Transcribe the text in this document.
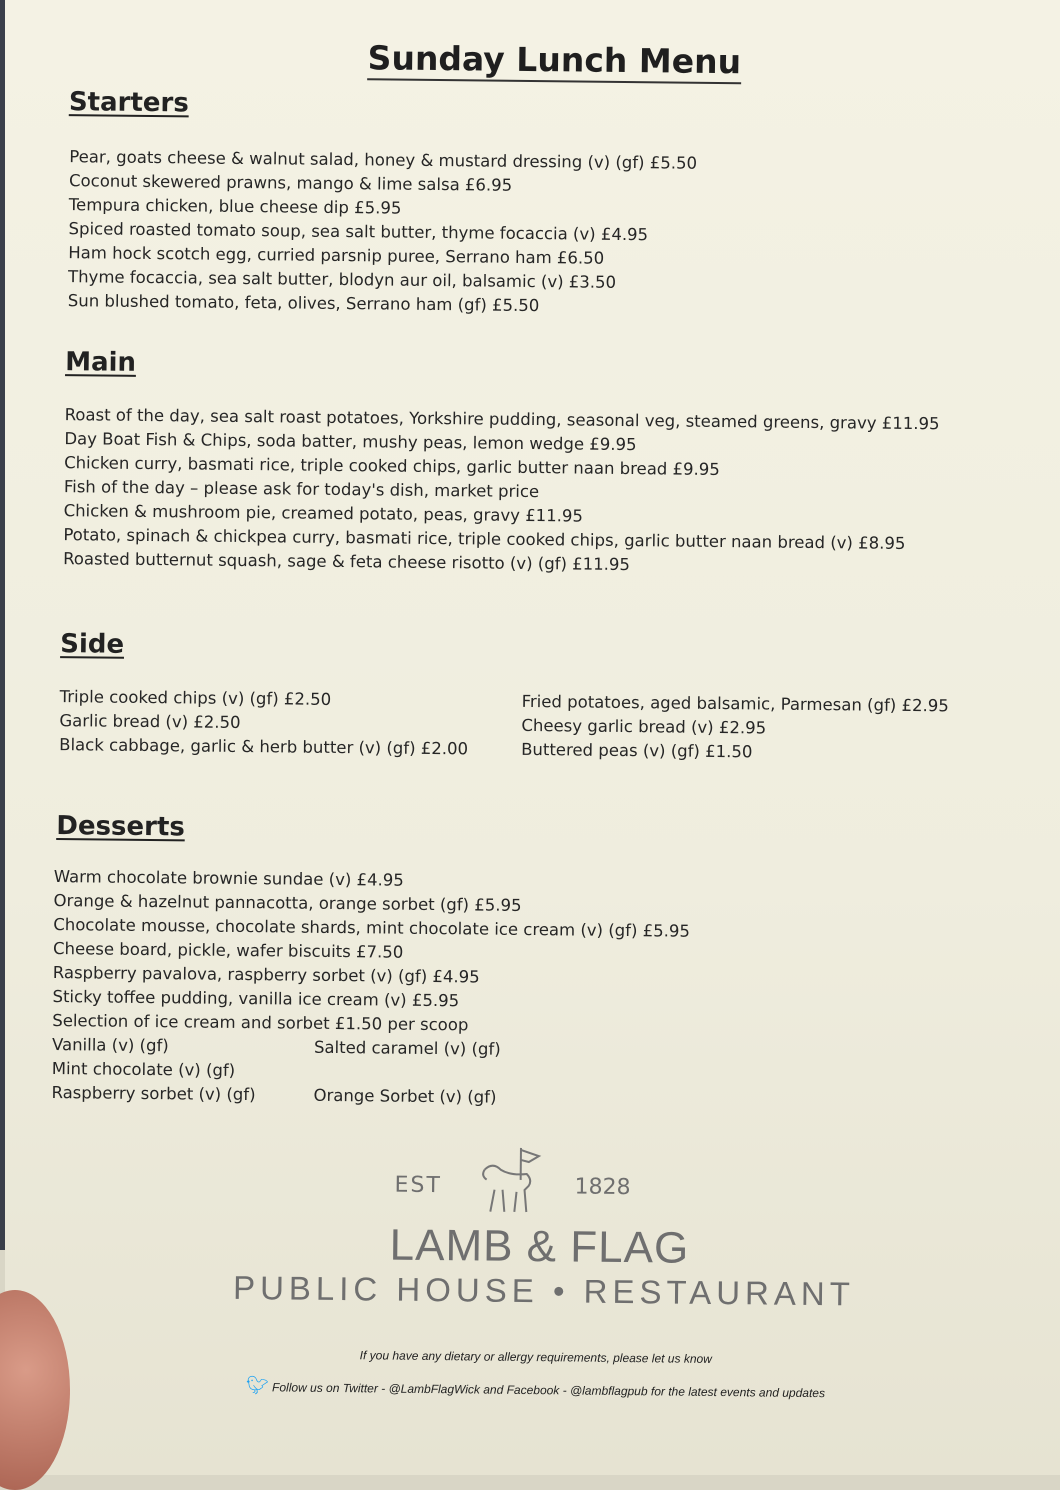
Sunday Lunch Menu
Starters
Pear, goats cheese & walnut salad, honey & mustard dressing (v) (gf) £5.50
Coconut skewered prawns, mango & lime salsa £6.95
Tempura chicken, blue cheese dip £5.95
Spiced roasted tomato soup, sea salt butter, thyme focaccia (v) £4.95
Ham hock scotch egg, curried parsnip puree, Serrano ham £6.50
Thyme focaccia, sea salt butter, blodyn aur oil, balsamic (v) £3.50
Sun blushed tomato, feta, olives, Serrano ham (gf) £5.50
Main
Roast of the day, sea salt roast potatoes, Yorkshire pudding, seasonal veg, steamed greens, gravy £11.95
Day Boat Fish & Chips, soda batter, mushy peas, lemon wedge £9.95
Chicken curry, basmati rice, triple cooked chips, garlic butter naan bread £9.95
Fish of the day – please ask for today's dish, market price
Chicken & mushroom pie, creamed potato, peas, gravy £11.95
Potato, spinach & chickpea curry, basmati rice, triple cooked chips, garlic butter naan bread (v) £8.95
Roasted butternut squash, sage & feta cheese risotto (v) (gf) £11.95
Side
Triple cooked chips (v) (gf) £2.50
Garlic bread (v) £2.50
Black cabbage, garlic & herb butter (v) (gf) £2.00
Fried potatoes, aged balsamic, Parmesan (gf) £2.95
Cheesy garlic bread (v) £2.95
Buttered peas (v) (gf) £1.50
Desserts
Warm chocolate brownie sundae (v) £4.95
Orange & hazelnut pannacotta, orange sorbet (gf) £5.95
Chocolate mousse, chocolate shards, mint chocolate ice cream (v) (gf) £5.95
Cheese board, pickle, wafer biscuits £7.50
Raspberry pavalova, raspberry sorbet (v) (gf) £4.95
Sticky toffee pudding, vanilla ice cream (v) £5.95
Selection of ice cream and sorbet £1.50 per scoop
Vanilla (v) (gf)
Mint chocolate (v) (gf)
Raspberry sorbet (v) (gf)
Salted caramel (v) (gf)
Orange Sorbet (v) (gf)
EST	1828
LAMB & FLAG
PUBLIC HOUSE • RESTAURANT
If you have any dietary or allergy requirements, please let us know
🐦︎ Follow us on Twitter - @LambFlagWick and Facebook - @lambflagpub for the latest events and updates
